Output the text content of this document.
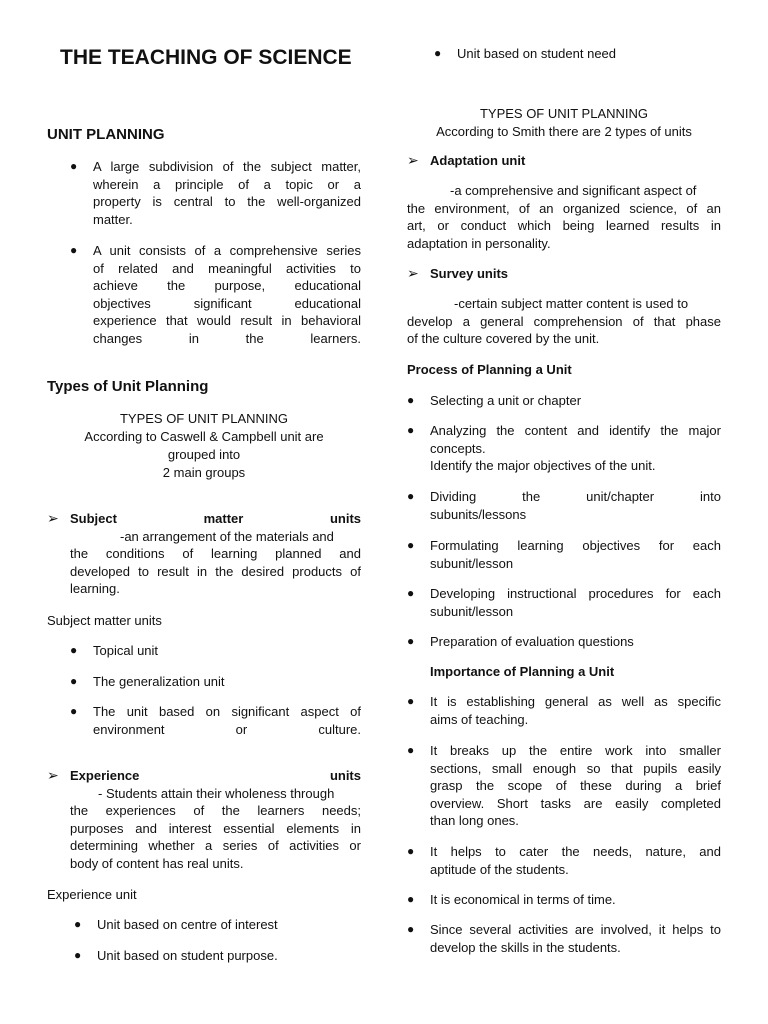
THE TEACHING OF SCIENCE
UNIT PLANNING
● A large subdivision of the subject matter,
wherein a principle of a topic or a
property is central to the well-organized
matter.
● A unit consists of a comprehensive series
of related and meaningful activities to
achieve the purpose, educational
objectives significant educational
experience that would result in behavioral
changes in the learners.
Types of Unit Planning
TYPES OF UNIT PLANNING
According to Caswell & Campbell unit are
grouped into
2 main groups
➢ Subject matter units
-an arrangement of the materials and
the conditions of learning planned and
developed to result in the desired products of
learning.
Subject matter units
● Topical unit
● The generalization unit
● The unit based on significant aspect of
environment or culture.
➢ Experience units
- Students attain their wholeness through
the experiences of the learners needs;
purposes and interest essential elements in
determining whether a series of activities or
body of content has real units.
Experience unit
● Unit based on centre of interest
● Unit based on student purpose.
● Unit based on student need
TYPES OF UNIT PLANNING
According to Smith there are 2 types of units
➢ Adaptation unit
-a comprehensive and significant aspect of
the environment, of an organized science, of an
art, or conduct which being learned results in
adaptation in personality.
➢ Survey units
-certain subject matter content is used to
develop a general comprehension of that phase
of the culture covered by the unit.
Process of Planning a Unit
● Selecting a unit or chapter
● Analyzing the content and identify the major
concepts.
Identify the major objectives of the unit.
● Dividing the unit/chapter into
subunits/lessons
● Formulating learning objectives for each
subunit/lesson
● Developing instructional procedures for each
subunit/lesson
● Preparation of evaluation questions
Importance of Planning a Unit
● It is establishing general as well as specific
aims of teaching.
● It breaks up the entire work into smaller
sections, small enough so that pupils easily
grasp the scope of these during a brief
overview. Short tasks are easily completed
than long ones.
● It helps to cater the needs, nature, and
aptitude of the students.
● It is economical in terms of time.
● Since several activities are involved, it helps to
develop the skills in the students.
